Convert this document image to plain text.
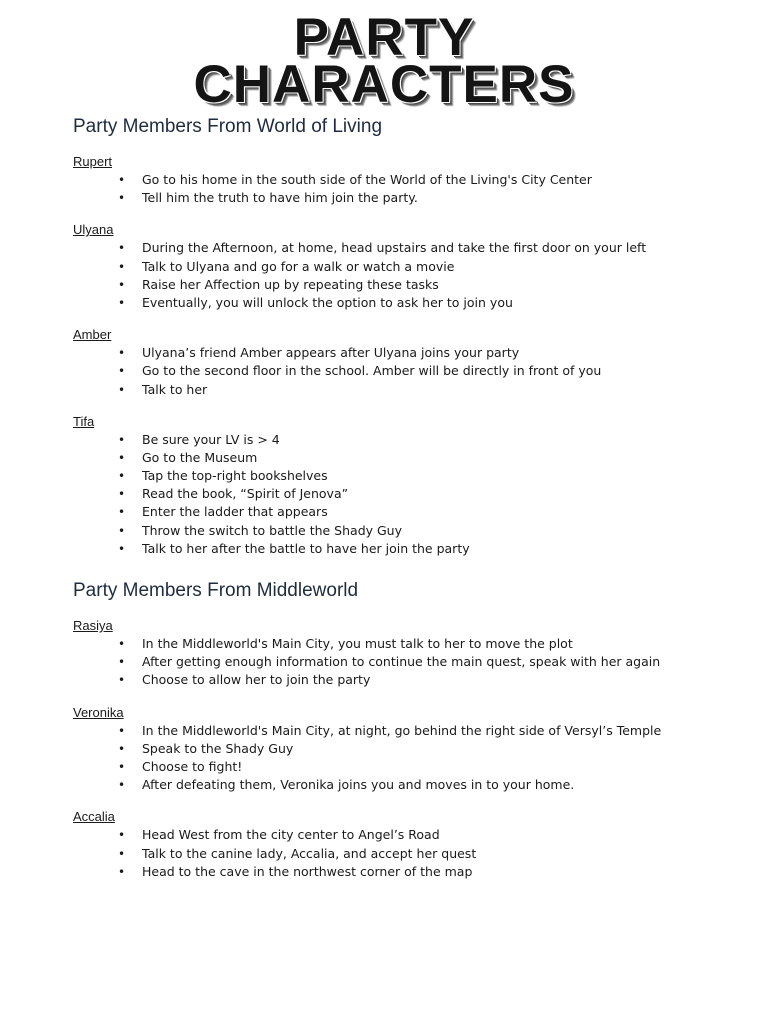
PARTY
CHARACTERS
Party Members From World of Living
Rupert
• Go to his home in the south side of the World of the Living's City Center
• Tell him the truth to have him join the party.
Ulyana
• During the Afternoon, at home, head upstairs and take the first door on your left
• Talk to Ulyana and go for a walk or watch a movie
• Raise her Affection up by repeating these tasks
• Eventually, you will unlock the option to ask her to join you
Amber
• Ulyana’s friend Amber appears after Ulyana joins your party
• Go to the second floor in the school. Amber will be directly in front of you
• Talk to her
Tifa
• Be sure your LV is > 4
• Go to the Museum
• Tap the top-right bookshelves
• Read the book, “Spirit of Jenova”
• Enter the ladder that appears
• Throw the switch to battle the Shady Guy
• Talk to her after the battle to have her join the party
Party Members From Middleworld
Rasiya
• In the Middleworld's Main City, you must talk to her to move the plot
• After getting enough information to continue the main quest, speak with her again
• Choose to allow her to join the party
Veronika
• In the Middleworld's Main City, at night, go behind the right side of Versyl’s Temple
• Speak to the Shady Guy
• Choose to fight!
• After defeating them, Veronika joins you and moves in to your home.
Accalia
• Head West from the city center to Angel’s Road
• Talk to the canine lady, Accalia, and accept her quest
• Head to the cave in the northwest corner of the map
